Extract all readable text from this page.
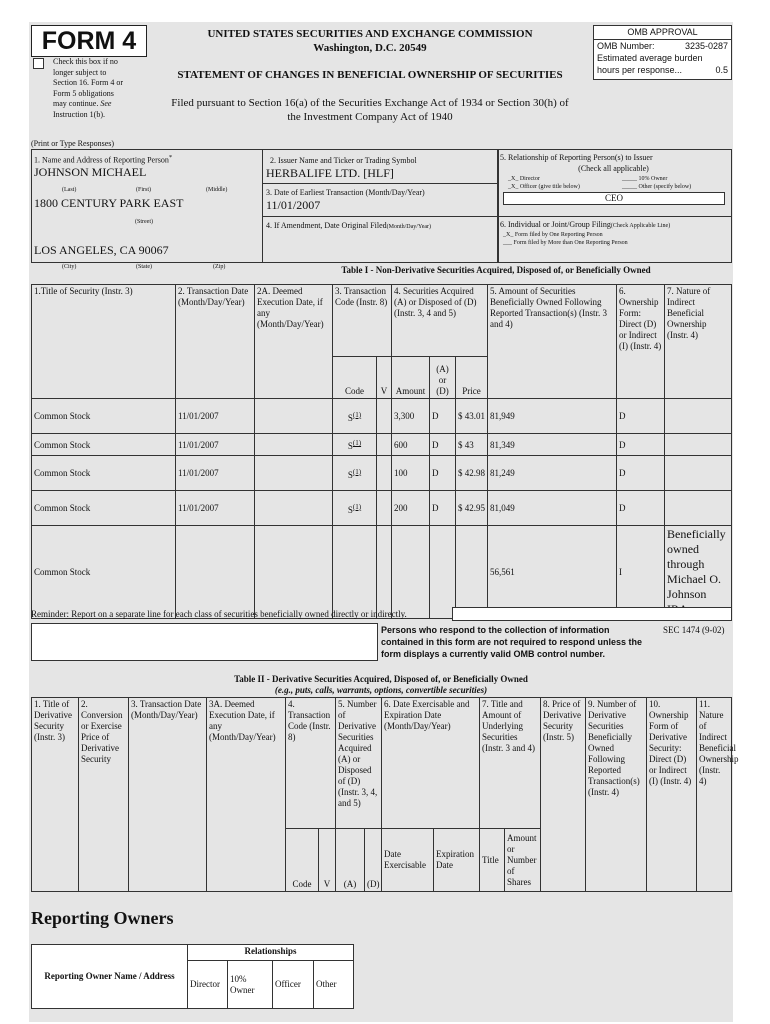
FORM 4
Check this box if no
longer subject to
Section 16. Form 4 or
Form 5 obligations
may continue. See
Instruction 1(b).
UNITED STATES SECURITIES AND EXCHANGE COMMISSION
Washington, D.C. 20549
STATEMENT OF CHANGES IN BENEFICIAL OWNERSHIP OF SECURITIES
Filed pursuant to Section 16(a) of the Securities Exchange Act of 1934 or Section 30(h) of
the Investment Company Act of 1940
OMB APPROVAL
OMB Number:	3235-0287
Estimated average burden
hours per response...	0.5
(Print or Type Responses)
1. Name and Address of Reporting Person*
JOHNSON MICHAEL
(Last)	(First)	(Middle)
1800 CENTURY PARK EAST
(Street)
LOS ANGELES, CA 90067
(City)	(State)	(Zip)
2. Issuer Name and Ticker or Trading Symbol
HERBALIFE LTD. [HLF]
3. Date of Earliest Transaction (Month/Day/Year)
11/01/2007
4. If Amendment, Date Original Filed(Month/Day/Year)
5. Relationship of Reporting Person(s) to Issuer
(Check all applicable)
_X_ Director	_____ 10% Owner
_X_ Officer (give title below)	_____ Other (specify below)
CEO
6. Individual or Joint/Group Filing(Check Applicable Line)
_X_ Form filed by One Reporting Person
___ Form filed by More than One Reporting Person
Table I - Non-Derivative Securities Acquired, Disposed of, or Beneficially Owned
1.Title of Security (Instr. 3)	2. Transaction Date (Month/Day/Year)	2A. Deemed Execution Date, if any (Month/Day/Year)	3. Transaction Code (Instr. 8)		4. Securities Acquired (A) or Disposed of (D) (Instr. 3, 4 and 5)			5. Amount of Securities Beneficially Owned Following Reported Transaction(s) (Instr. 3 and 4)	6. Ownership Form: Direct (D) or Indirect (I) (Instr. 4)	7. Nature of Indirect Beneficial Ownership (Instr. 4)
			Code	V	Amount	(A) or (D)	Price			
Common Stock	11/01/2007		$S^{(1)}$		3,300	D	$ 43.01	81,949	D	
Common Stock	11/01/2007		$S^{(1)}$		600	D	$ 43	81,349	D	
Common Stock	11/01/2007		$S^{(1)}$		100	D	$ 42.98	81,249	D	
Common Stock	11/01/2007		$S^{(1)}$		200	D	$ 42.95	81,049	D	
Common Stock								56,561	I	Beneficially owned through Michael O. Johnson
Reminder: Report on a separate line for each class of securities beneficially owned directly or indirectly.
Persons who respond to the collection of information contained in this form are not required to respond unless the form displays a currently valid OMB control number.
SEC 1474 (9-02)
Table II - Derivative Securities Acquired, Disposed of, or Beneficially Owned
(e.g., puts, calls, warrants, options, convertible securities)
1. Title of Derivative Security (Instr. 3)	2. Conversion or Exercise Price of Derivative Security	3. Transaction Date (Month/Day/Year)	3A. Deemed Execution Date, if any (Month/Day/Year)	4. Transaction Code (Instr. 8)		5. Number of Derivative Securities Acquired (A) or Disposed of (D) (Instr. 3, 4, and 5)		6. Date Exercisable and Expiration Date (Month/Day/Year)		7. Title and Amount of Underlying Securities (Instr. 3 and 4)		8. Price of Derivative Security (Instr. 5)	9. Number of Derivative Securities Beneficially Owned Following Reported Transaction(s) (Instr. 4)	10. Ownership Form of Derivative Security: Direct (D) or Indirect (I) (Instr. 4)	11. Nature of Indirect Beneficial Ownership (Instr. 4)
				Code	V	(A)	(D)	Date Exercisable	Expiration Date	Title	Amount or Number of Shares				
Reporting Owners
Reporting Owner Name / Address	Relationships			
	Director	10% Owner	Officer	Other
